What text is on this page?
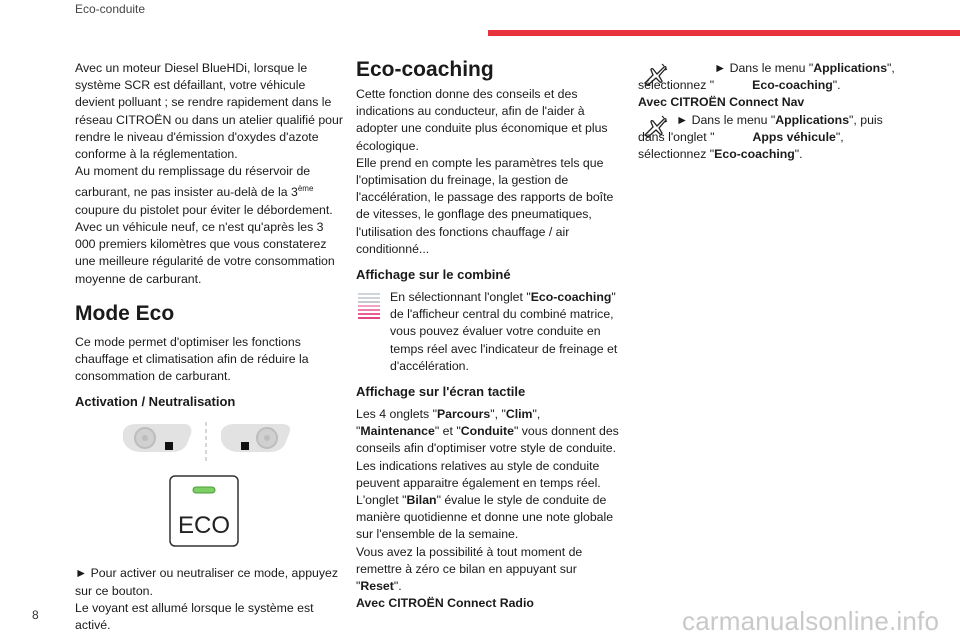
Eco-conduite

Avec un moteur Diesel BlueHDi, lorsque le système SCR est défaillant, votre véhicule devient polluant ; se rendre rapidement dans le réseau CITROËN ou dans un atelier qualifié pour rendre le niveau d'émission d'oxydes d'azote conforme à la réglementation.

Au moment du remplissage du réservoir de carburant, ne pas insister au-delà de la 3ème coupure du pistolet pour éviter le débordement.

Avec un véhicule neuf, ce n'est qu'après les 3 000 premiers kilomètres que vous constaterez une meilleure régularité de votre consommation moyenne de carburant.

Mode Eco

Ce mode permet d'optimiser les fonctions chauffage et climatisation afin de réduire la consommation de carburant.

Activation / Neutralisation
ECO

► Pour activer ou neutraliser ce mode, appuyez sur ce bouton.

Le voyant est allumé lorsque le système est activé.

Eco-coaching

Cette fonction donne des conseils et des indications au conducteur, afin de l'aider à adopter une conduite plus économique et plus écologique.

Elle prend en compte les paramètres tels que l'optimisation du freinage, la gestion de l'accélération, le passage des rapports de boîte de vitesses, le gonflage des pneumatiques, l'utilisation des fonctions chauffage / air conditionné...

Affichage sur le combiné

En sélectionnant l'onglet "Eco-coaching" de l'afficheur central du combiné matrice, vous pouvez évaluer votre conduite en temps réel avec l'indicateur de freinage et d'accélération.

Affichage sur l'écran tactile

Les 4 onglets "Parcours", "Clim", "Maintenance" et "Conduite" vous donnent des conseils afin d'optimiser votre style de conduite.

Les indications relatives au style de conduite peuvent apparaitre également en temps réel.

L'onglet "Bilan" évalue le style de conduite de manière quotidienne et donne une note globale sur l'ensemble de la semaine.

Vous avez la possibilité à tout moment de remettre à zéro ce bilan en appuyant sur "Reset".

Avec CITROËN Connect Radio

► Dans le menu "Applications", sélectionnez "	Eco-coaching".

Avec CITROËN Connect Nav

► Dans le menu "Applications", puis dans l'onglet "	Apps véhicule", sélectionnez "Eco-coaching".

8	carmanualsonline.info
